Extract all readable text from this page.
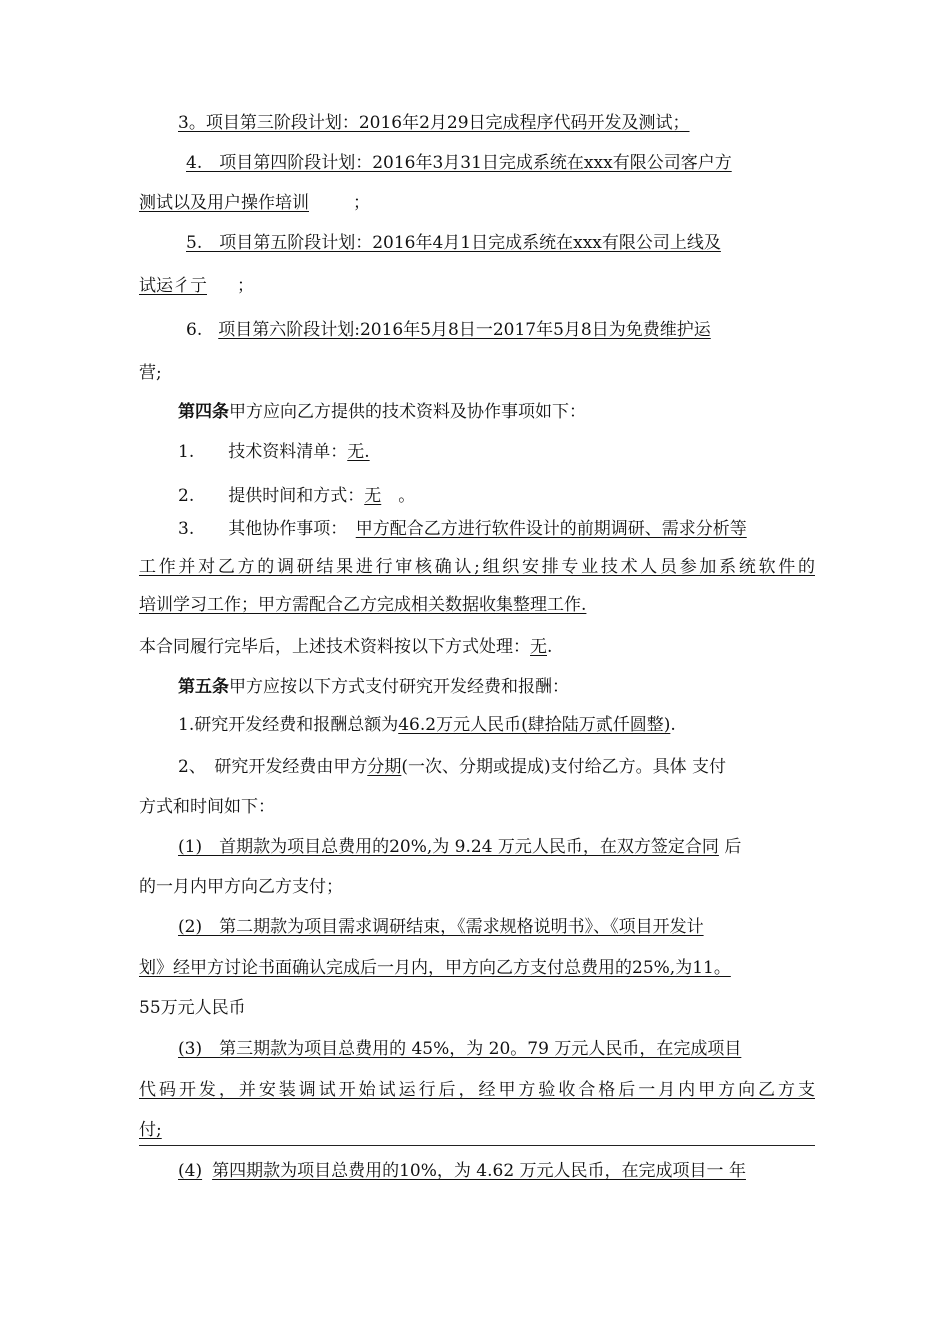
3。项目第三阶段计划：2016年2月29日完成程序代码开发及测试；
4.　项目第四阶段计划：2016年3月31日完成系统在xxx有限公司客户方
测试以及用户操作培训	；
5.　项目第五阶段计划：2016年4月1日完成系统在xxx有限公司上线及
试运彳亍 ；
6. 项目第六阶段计划:2016年5月8日一2017年5月8日为免费维护运
营;
第四条甲方应向乙方提供的技术资料及协作事项如下：
1.　　技术资料清单：无.
2.　　提供时间和方式：无　。
3.　　其他协作事项：　甲方配合乙方进行软件设计的前期调研、需求分析等
工作并对乙方的调研结果进行审核确认;组织安排专业技术人员参加系统软件的
培训学习工作；甲方需配合乙方完成相关数据收集整理工作.
本合同履行完毕后，上述技术资料按以下方式处理：无.
第五条甲方应按以下方式支付研究开发经费和报酬：
1.研究开发经费和报酬总额为46.2万元人民币(肆拾陆万贰仟圆整).
2、　研究开发经费由甲方分期(一次、分期或提成)支付给乙方。具体 支付
方式和时间如下：
(1)　首期款为项目总费用的20%,为 9.24 万元人民币，在双方签定合同 后
的一月内甲方向乙方支付；
(2)　第二期款为项目需求调研结束，《需求规格说明书》、《项目开发计
划》经甲方讨论书面确认完成后一月内，甲方向乙方支付总费用的25%,为11。
55万元人民币
(3)　第三期款为项目总费用的 45%，为 20。79 万元人民币，在完成项目
代码开发，并安装调试开始试运行后，经甲方验收合格后一月内甲方向乙方支
付;
(4) 第四期款为项目总费用的10%，为 4.62 万元人民币，在完成项目一 年
